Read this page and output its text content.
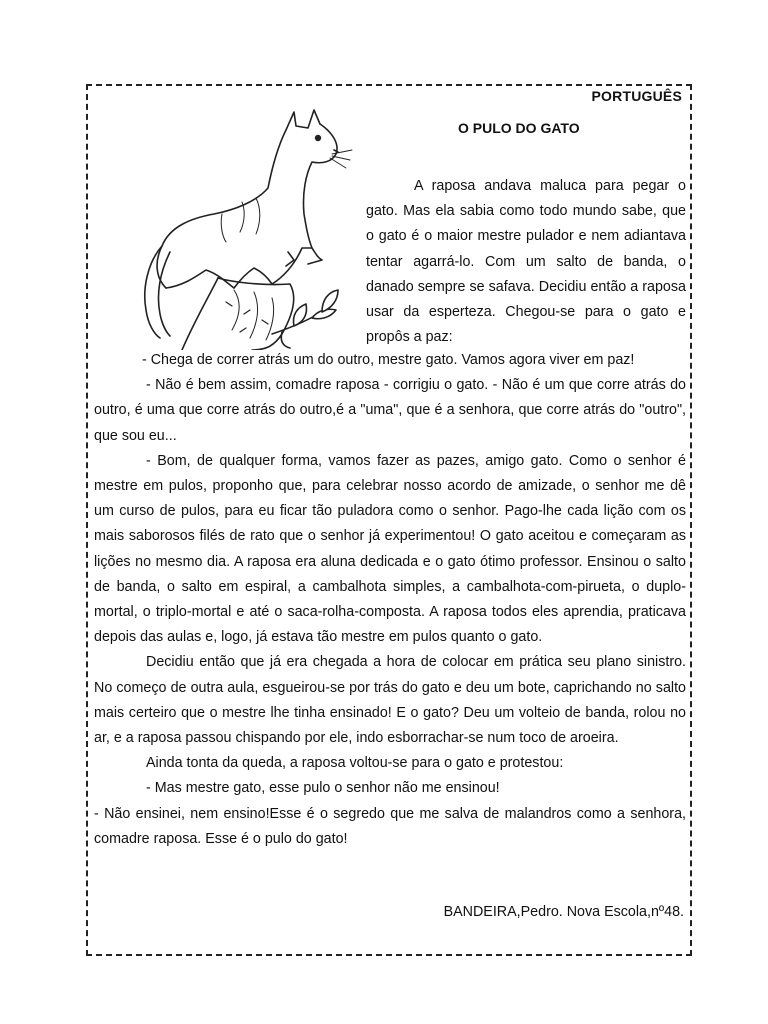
PORTUGUÊS
O PULO DO GATO
A raposa andava maluca para pegar o gato. Mas ela sabia como todo mundo sabe, que o gato é o maior mestre pulador e nem adiantava tentar agarrá-lo. Com um salto de banda, o danado sempre se safava. Decidiu então a raposa usar da esperteza. Chegou-se para o gato e propôs a paz:

- Chega de correr atrás um do outro, mestre gato. Vamos agora viver em paz!

- Não é bem assim, comadre raposa - corrigiu o gato. - Não é um que corre atrás do outro, é uma que corre atrás do outro,é a "uma", que é a senhora, que corre atrás do "outro", que sou eu...

- Bom, de qualquer forma, vamos fazer as pazes, amigo gato. Como o senhor é mestre em pulos, proponho que, para celebrar nosso acordo de amizade, o senhor me dê um curso de pulos, para eu ficar tão puladora como o senhor. Pago-lhe cada lição com os mais saborosos filés de rato que o senhor já experimentou! O gato aceitou e começaram as lições no mesmo dia. A raposa era aluna dedicada e o gato ótimo professor. Ensinou o salto de banda, o salto em espiral, a cambalhota simples, a cambalhota-com-pirueta, o duplo-mortal, o triplo-mortal e até o saca-rolha-composta. A raposa todos eles aprendia, praticava depois das aulas e, logo, já estava tão mestre em pulos quanto o gato.

Decidiu então que já era chegada a hora de colocar em prática seu plano sinistro. No começo de outra aula, esgueirou-se por trás do gato e deu um bote, caprichando no salto mais certeiro que o mestre lhe tinha ensinado! E o gato? Deu um volteio de banda, rolou no ar, e a raposa passou chispando por ele, indo esborrachar-se num toco de aroeira.

Ainda tonta da queda, a raposa voltou-se para o gato e protestou:

- Mas mestre gato, esse pulo o senhor não me ensinou!

- Não ensinei, nem ensino!Esse é o segredo que me salva de malandros como a senhora, comadre raposa. Esse é o pulo do gato!

BANDEIRA,Pedro. Nova Escola,nº48.
